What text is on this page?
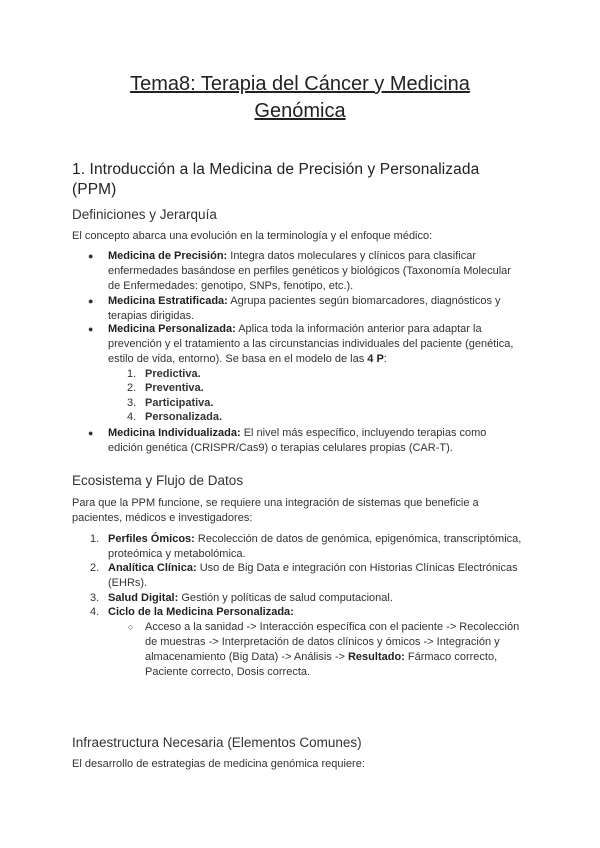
Tema8: Terapia del Cáncer y Medicina
Genómica
1. Introducción a la Medicina de Precisión y Personalizada
(PPM)
Definiciones y Jerarquía
El concepto abarca una evolución en la terminología y el enfoque médico:
● Medicina de Precisión: Integra datos moleculares y clínicos para clasificar
enfermedades basándose en perfiles genéticos y biológicos (Taxonomía Molecular
de Enfermedades: genotipo, SNPs, fenotipo, etc.).
● Medicina Estratificada: Agrupa pacientes según biomarcadores, diagnósticos y
terapias dirigidas.
● Medicina Personalizada: Aplica toda la información anterior para adaptar la
prevención y el tratamiento a las circunstancias individuales del paciente (genética,
estilo de vida, entorno). Se basa en el modelo de las 4 P:
1. Predictiva.
2. Preventiva.
3. Participativa.
4. Personalizada.
● Medicina Individualizada: El nivel más específico, incluyendo terapias como
edición genética (CRISPR/Cas9) o terapias celulares propias (CAR-T).
Ecosistema y Flujo de Datos
Para que la PPM funcione, se requiere una integración de sistemas que beneficie a
pacientes, médicos e investigadores:
1. Perfiles Ómicos: Recolección de datos de genómica, epigenómica, transcriptómica,
proteómica y metabolómica.
2. Analítica Clínica: Uso de Big Data e integración con Historias Clínicas Electrónicas
(EHRs).
3. Salud Digital: Gestión y políticas de salud computacional.
4. Ciclo de la Medicina Personalizada:
○ Acceso a la sanidad -> Interacción específica con el paciente -> Recolección
de muestras -> Interpretación de datos clínicos y ómicos -> Integración y
almacenamiento (Big Data) -> Análisis -> Resultado: Fármaco correcto,
Paciente correcto, Dosis correcta.
Infraestructura Necesaria (Elementos Comunes)
El desarrollo de estrategias de medicina genómica requiere:
